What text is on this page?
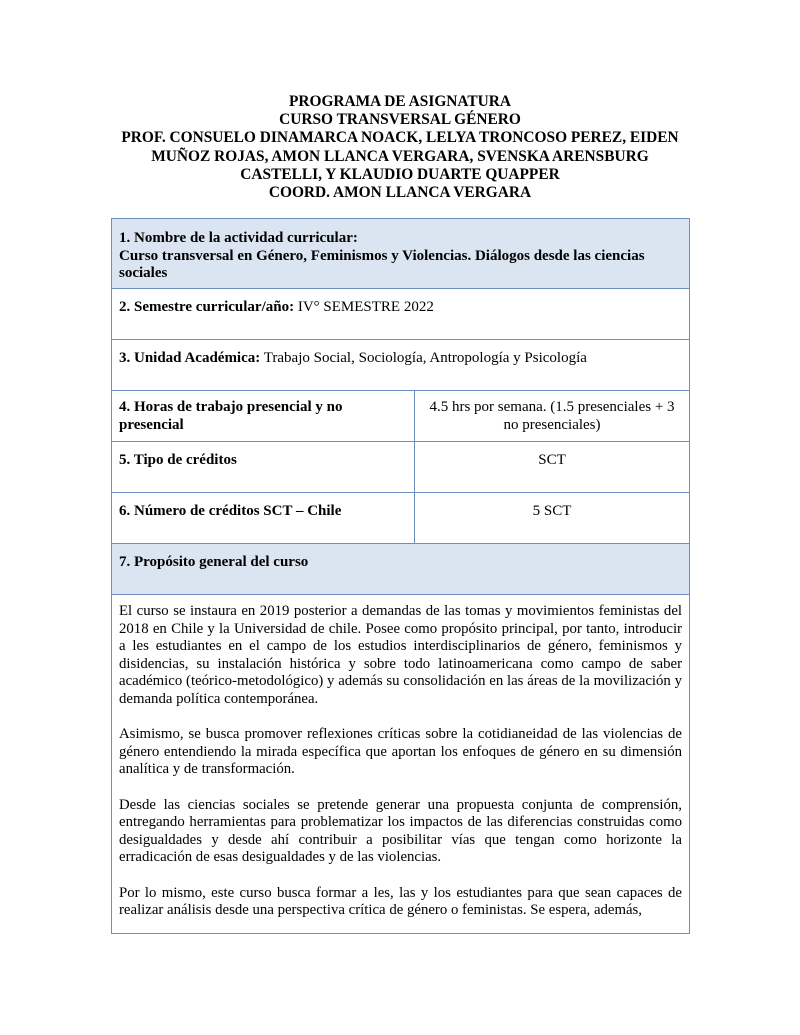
PROGRAMA DE ASIGNATURA
CURSO TRANSVERSAL GÉNERO
PROF. CONSUELO DINAMARCA NOACK, LELYA TRONCOSO PEREZ, EIDEN
MUÑOZ ROJAS, AMON LLANCA VERGARA, SVENSKA ARENSBURG
CASTELLI, Y KLAUDIO DUARTE QUAPPER
COORD. AMON LLANCA VERGARA
1. Nombre de la actividad curricular:
Curso transversal en Género, Feminismos y Violencias. Diálogos desde las ciencias sociales	

2. Semestre curricular/año: IV° SEMESTRE 2022	
3. Unidad Académica: Trabajo Social, Sociología, Antropología y Psicología	
4. Horas de trabajo presencial y no presencial	4.5 hrs por semana. (1.5 presenciales + 3 no presenciales)
5. Tipo de créditos	SCT
6. Número de créditos SCT – Chile	5 SCT
7. Propósito general del curso	

El curso se instaura en 2019 posterior a demandas de las tomas y movimientos feministas del 2018 en Chile y la Universidad de chile. Posee como propósito principal, por tanto, introducir a les estudiantes en el campo de los estudios interdisciplinarios de género, feminismos y disidencias, su instalación histórica y sobre todo latinoamericana como campo de saber académico (teórico-metodológico) y además su consolidación en las áreas de la movilización y demanda política contemporánea.

Asimismo, se busca promover reflexiones críticas sobre la cotidianeidad de las violencias de género entendiendo la mirada específica que aportan los enfoques de género en su dimensión analítica y de transformación.

Desde las ciencias sociales se pretende generar una propuesta conjunta de comprensión, entregando herramientas para problematizar los impactos de las diferencias construidas como desigualdades y desde ahí contribuir a posibilitar vías que tengan como horizonte la erradicación de esas desigualdades y de las violencias.

Por lo mismo, este curso busca formar a les, las y los estudiantes para que sean capaces de realizar análisis desde una perspectiva crítica de género o feministas. Se espera, además,	
